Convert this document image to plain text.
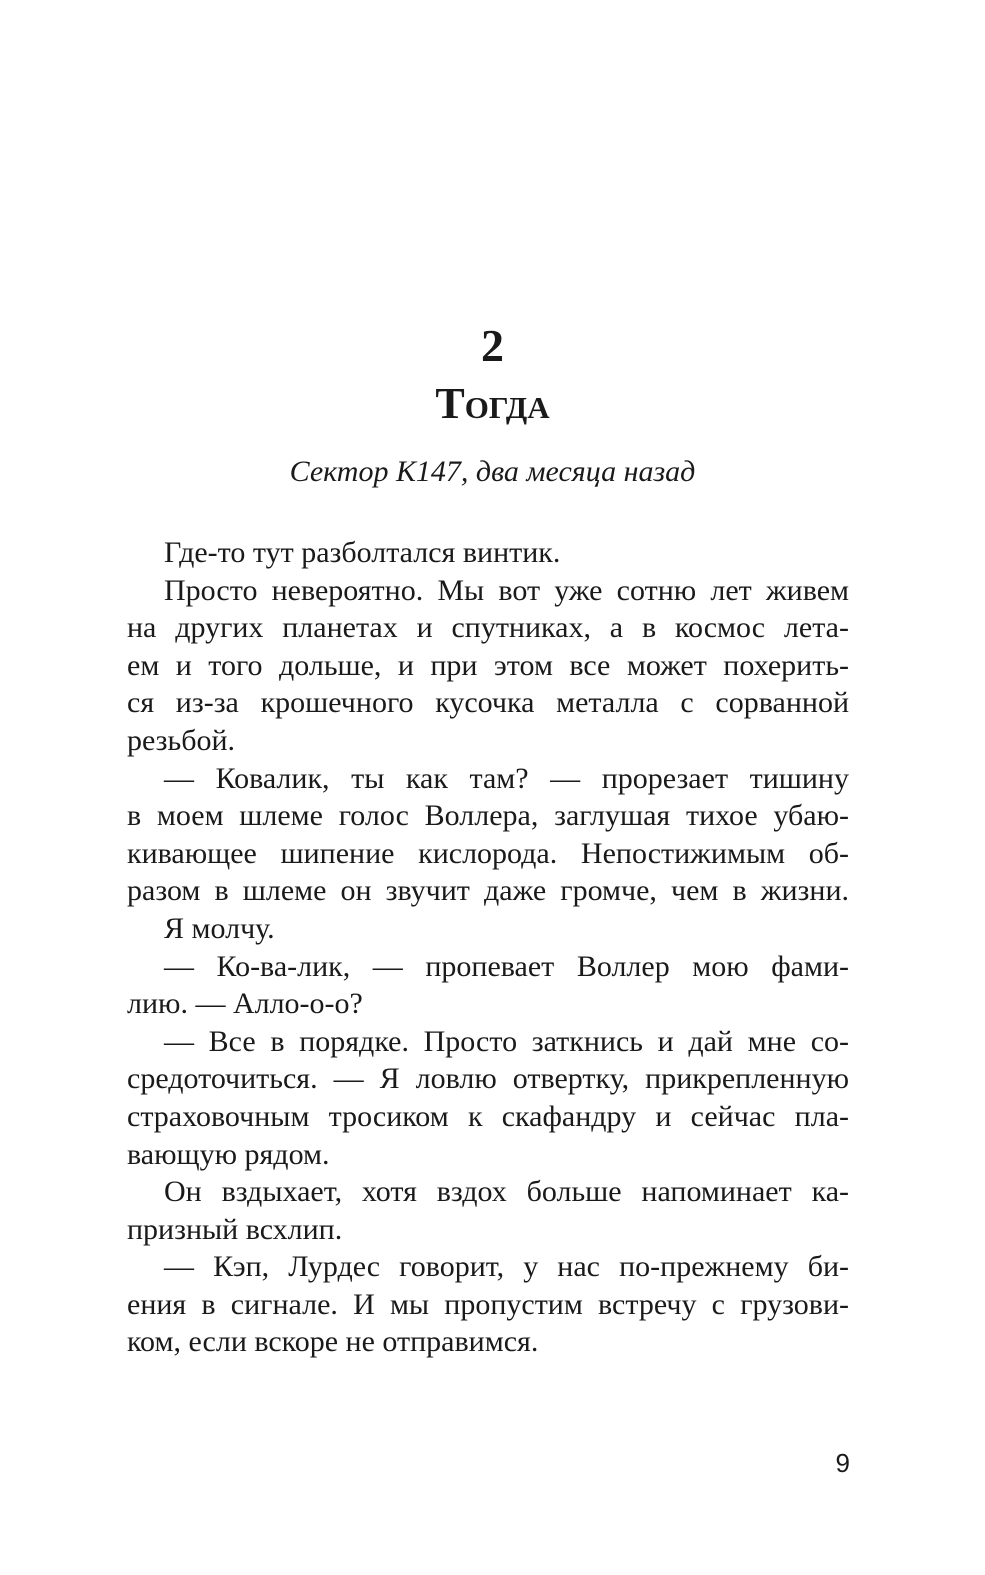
2
Тогда
Сектор К147, два месяца назад
Где-то тут разболтался винтик.
Просто невероятно. Мы вот уже сотню лет живем
на других планетах и спутниках, а в космос лета-
ем и того дольше, и при этом все может похерить-
ся из-за крошечного кусочка металла с сорванной
резьбой.
— Ковалик, ты как там? — прорезает тишину
в моем шлеме голос Воллера, заглушая тихое убаю-
кивающее шипение кислорода. Непостижимым об-
разом в шлеме он звучит даже громче, чем в жизни.
Я молчу.
— Ко-ва-лик, — пропевает Воллер мою фами-
лию. — Алло-о-о?
— Все в порядке. Просто заткнись и дай мне со-
средоточиться. — Я ловлю отвертку, прикрепленную
страховочным тросиком к скафандру и сейчас пла-
вающую рядом.
Он вздыхает, хотя вздох больше напоминает ка-
призный всхлип.
— Кэп, Лурдес говорит, у нас по-прежнему би-
ения в сигнале. И мы пропустим встречу с грузови-
ком, если вскоре не отправимся.
9
